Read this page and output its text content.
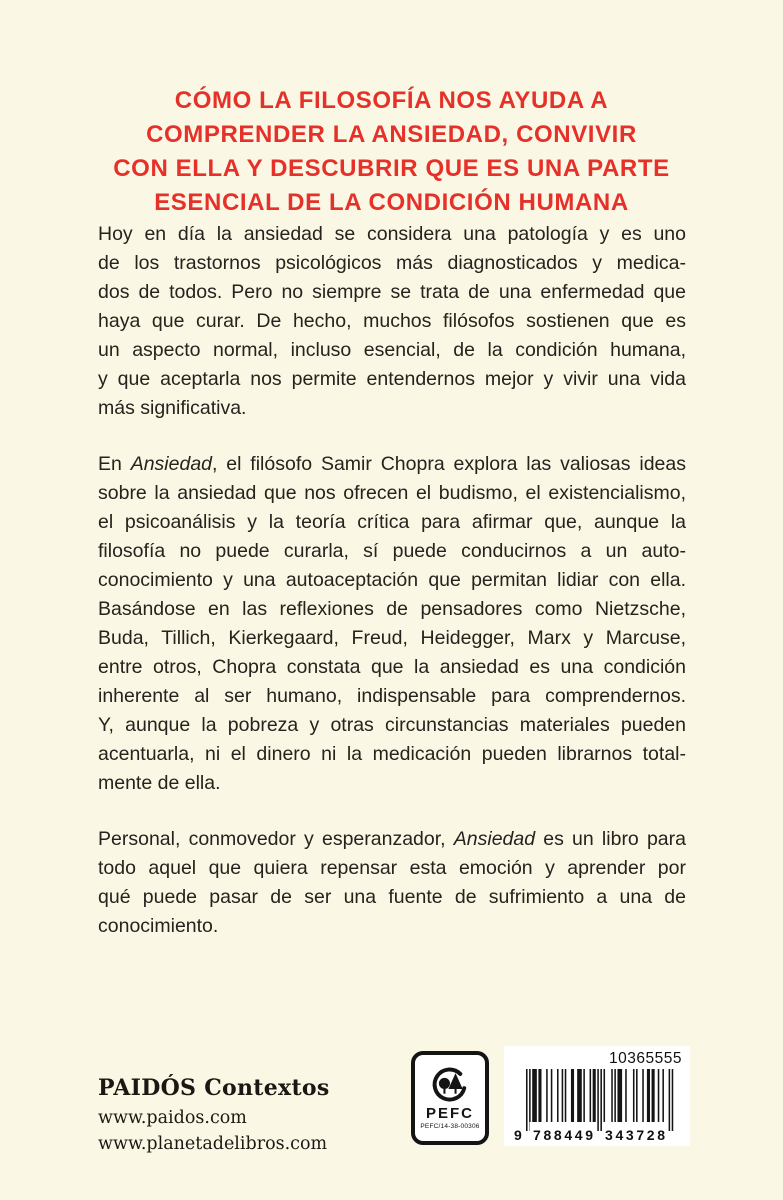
CÓMO LA FILOSOFÍA NOS AYUDA A
COMPRENDER LA ANSIEDAD, CONVIVIR
CON ELLA Y DESCUBRIR QUE ES UNA PARTE
ESENCIAL DE LA CONDICIÓN HUMANA
Hoy en día la ansiedad se considera una patología y es uno
de los trastornos psicológicos más diagnosticados y medica-
dos de todos. Pero no siempre se trata de una enfermedad que
haya que curar. De hecho, muchos filósofos sostienen que es
un aspecto normal, incluso esencial, de la condición humana,
y que aceptarla nos permite entendernos mejor y vivir una vida
más significativa.
En Ansiedad, el filósofo Samir Chopra explora las valiosas ideas
sobre la ansiedad que nos ofrecen el budismo, el existencialismo,
el psicoanálisis y la teoría crítica para afirmar que, aunque la
filosofía no puede curarla, sí puede conducirnos a un auto-
conocimiento y una autoaceptación que permitan lidiar con ella.
Basándose en las reflexiones de pensadores como Nietzsche,
Buda, Tillich, Kierkegaard, Freud, Heidegger, Marx y Marcuse,
entre otros, Chopra constata que la ansiedad es una condición
inherente al ser humano, indispensable para comprendernos.
Y, aunque la pobreza y otras circunstancias materiales pueden
acentuarla, ni el dinero ni la medicación pueden librarnos total-
mente de ella.
Personal, conmovedor y esperanzador, Ansiedad es un libro para
todo aquel que quiera repensar esta emoción y aprender por
qué puede pasar de ser una fuente de sufrimiento a una de
conocimiento.
PAIDÓS Contextos
www.paidos.com
www.planetadelibros.com
PEFC
PEFC/14-38-00306
10365555
9 788449 343728
